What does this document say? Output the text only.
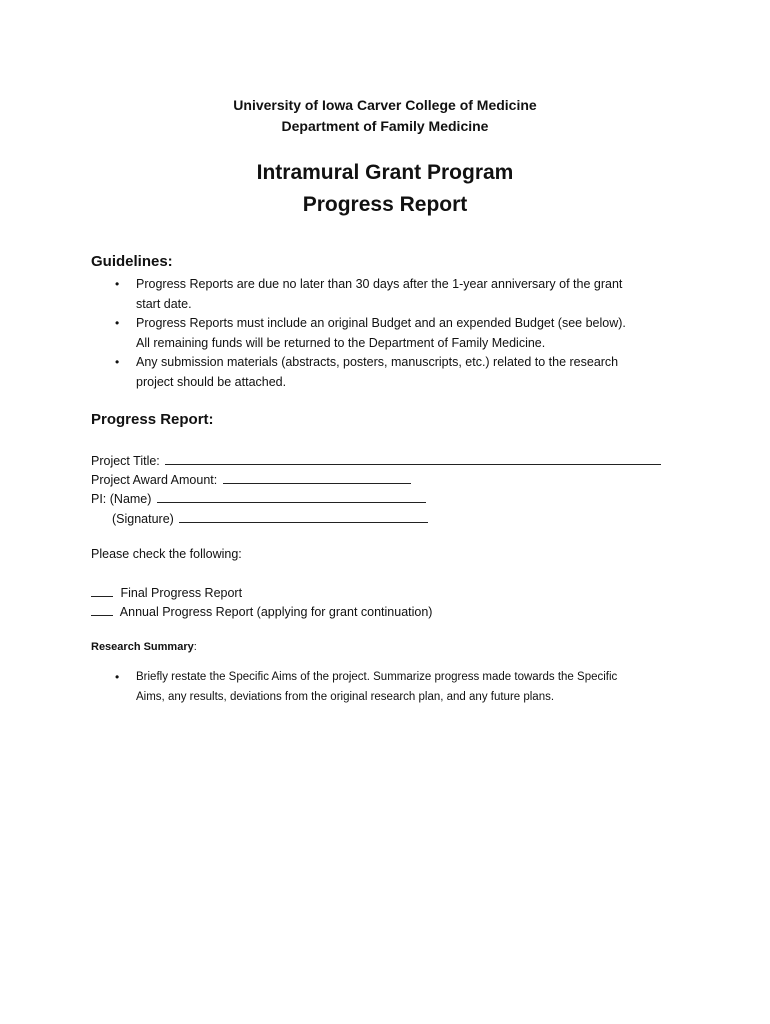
University of Iowa Carver College of Medicine
Department of Family Medicine
Intramural Grant Program
Progress Report
Guidelines:
• Progress Reports are due no later than 30 days after the 1-year anniversary of the grant
start date.
• Progress Reports must include an original Budget and an expended Budget (see below).
All remaining funds will be returned to the Department of Family Medicine.
• Any submission materials (abstracts, posters, manuscripts, etc.) related to the research
project should be attached.
Progress Report:
Project Title:
Project Award Amount:
PI: (Name)
(Signature)
Please check the following:
Final Progress Report
Annual Progress Report (applying for grant continuation)
Research Summary:
• Briefly restate the Specific Aims of the project. Summarize progress made towards the Specific
Aims, any results, deviations from the original research plan, and any future plans.
